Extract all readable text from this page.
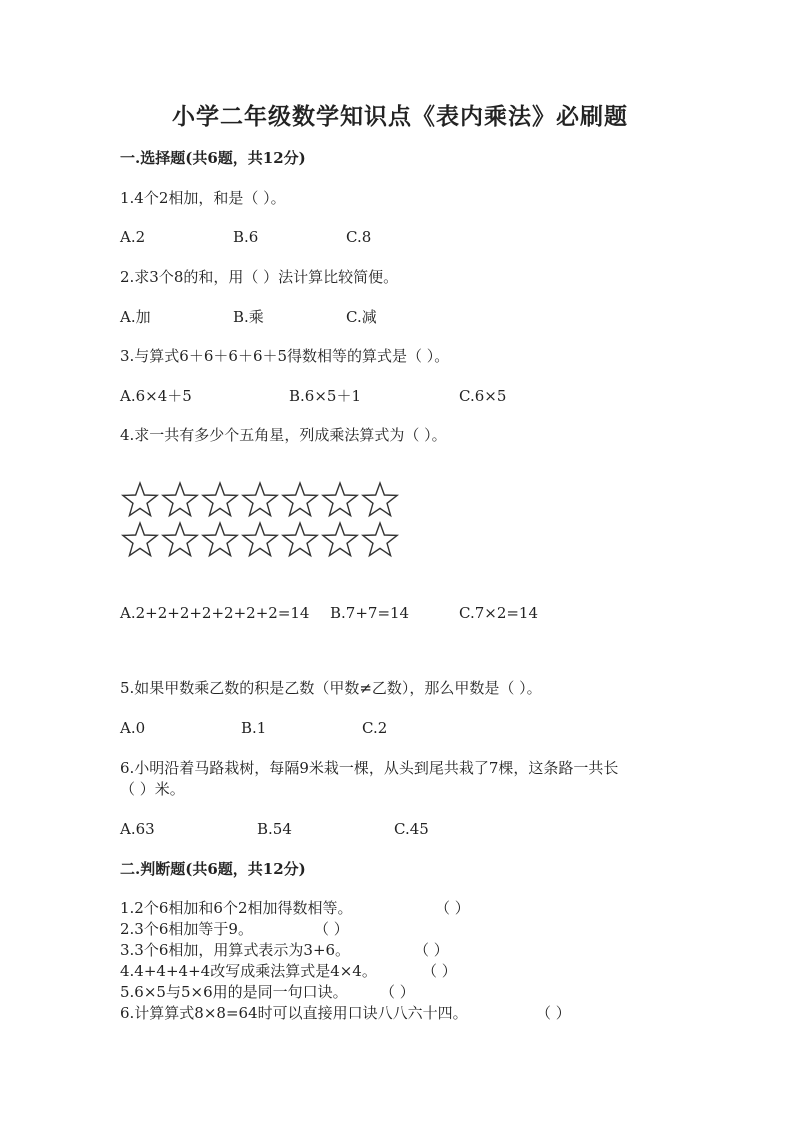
小学二年级数学知识点《表内乘法》必刷题
一.选择题(共6题，共12分)
1.4个2相加，和是（ ）。
A.2	B.6	C.8
2.求3个8的和，用（ ）法计算比较简便。
A.加	B.乘	C.减
3.与算式6＋6＋6＋6＋5得数相等的算式是（ ）。
A.6×4＋5	B.6×5＋1	C.6×5
4.求一共有多少个五角星，列成乘法算式为（ ）。
A.2+2+2+2+2+2+2=14 B.7+7=14	C.7×2=14
5.如果甲数乘乙数的积是乙数（甲数≠乙数），那么甲数是（ ）。
A.0	B.1	C.2
6.小明沿着马路栽树，每隔9米栽一棵，从头到尾共栽了7棵，这条路一共长
（ ）米。
A.63	B.54	C.45
二.判断题(共6题，共12分)
1.2个6相加和6个2相加得数相等。	（ ）
2.3个6相加等于9。	（ ）
3.3个6相加，用算式表示为3+6。	（ ）
4.4+4+4+4改写成乘法算式是4×4。	（ ）
5.6×5与5×6用的是同一句口诀。 （ ）
6.计算算式8×8=64时可以直接用口诀八八六十四。	（ ）
